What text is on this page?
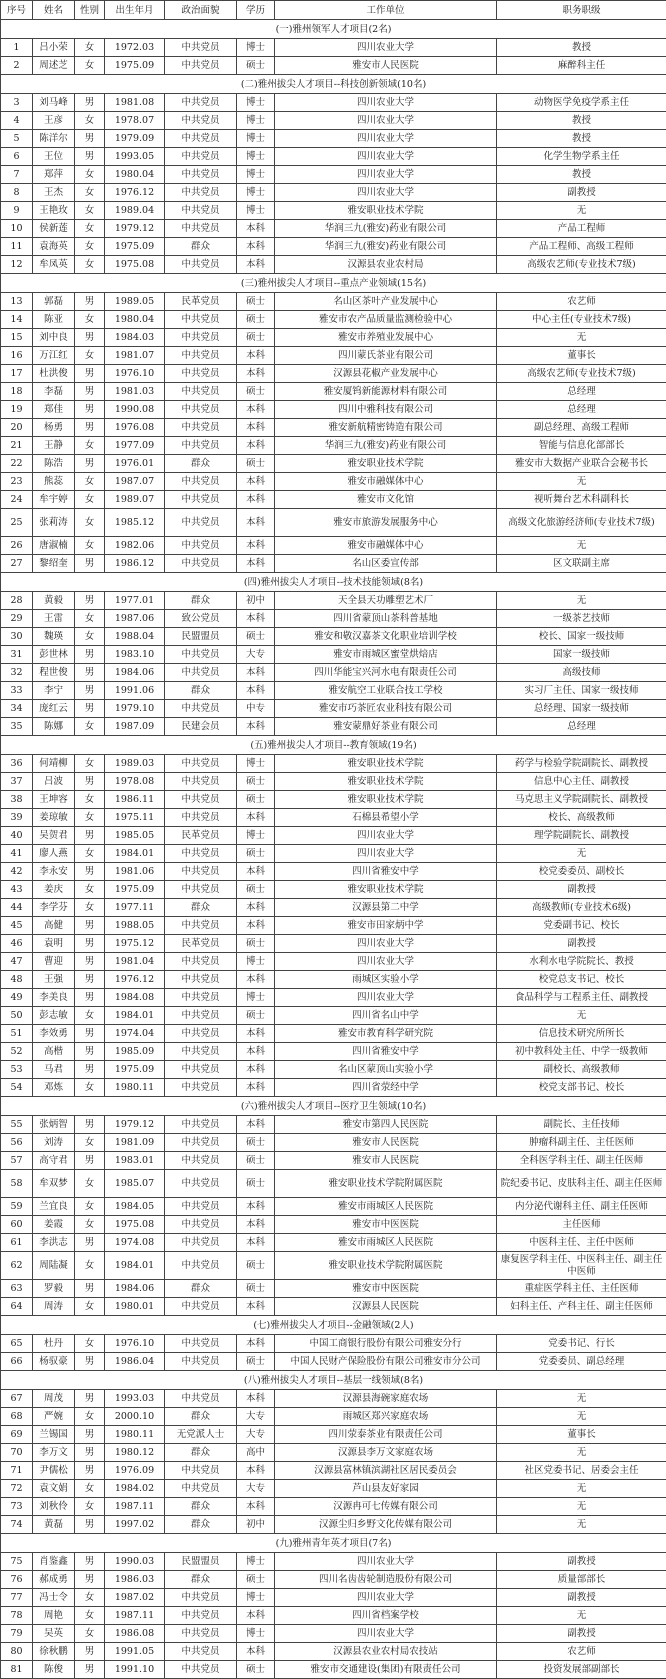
序号	姓名	性别	出生年月	政治面貌	学历	工作单位	职务职级
(一)雅州领军人才项目(2名)							
1	吕小荣	女	1972.03	中共党员	博士	四川农业大学	教授
2	周述芝	女	1975.09	中共党员	硕士	雅安市人民医院	麻醉科主任
(二)雅州拔尖人才项目--科技创新领域(10名)							
3	刘马峰	男	1981.08	中共党员	博士	四川农业大学	动物医学免疫学系主任
4	王彦	女	1978.07	中共党员	博士	四川农业大学	教授
5	陈洋尔	男	1979.09	中共党员	博士	四川农业大学	教授
6	王位	男	1993.05	中共党员	博士	四川农业大学	化学生物学系主任
7	郑萍	女	1980.04	中共党员	博士	四川农业大学	教授
8	王杰	女	1976.12	中共党员	博士	四川农业大学	副教授
9	王艳玫	女	1989.04	中共党员	博士	雅安职业技术学院	无
10	侯新莲	女	1979.12	中共党员	本科	华润三九(雅安)药业有限公司	产品工程师
11	袁海英	女	1975.09	群众	本科	华润三九(雅安)药业有限公司	产品工程师、高级工程师
12	牟凤英	女	1975.08	中共党员	本科	汉源县农业农村局	高级农艺师(专业技术7级)
(三)雅州拔尖人才项目--重点产业领域(15名)							
13	郭磊	男	1989.05	民革党员	硕士	名山区茶叶产业发展中心	农艺师
14	陈亚	女	1980.04	中共党员	硕士	雅安市农产品质量监测检验中心	中心主任(专业技术7级)
15	刘中良	男	1984.03	中共党员	硕士	雅安市养殖业发展中心	无
16	万江红	女	1981.07	中共党员	本科	四川蒙氏茶业有限公司	董事长
17	杜洪俊	男	1976.10	中共党员	本科	汉源县花椒产业发展中心	高级农艺师(专业技术7级)
18	李磊	男	1981.03	中共党员	硕士	雅安厦钨新能源材料有限公司	总经理
19	郑佳	男	1990.08	中共党员	本科	四川中雅科技有限公司	总经理
20	杨勇	男	1976.08	中共党员	本科	雅安新航精密铸造有限公司	副总经理、高级工程师
21	王静	女	1977.09	中共党员	本科	华润三九(雅安)药业有限公司	智能与信息化部部长
22	陈浩	男	1976.01	群众	硕士	雅安职业技术学院	雅安市大数据产业联合会秘书长
23	熊蕊	女	1987.07	中共党员	本科	雅安市融媒体中心	无
24	牟宇婷	女	1989.07	中共党员	本科	雅安市文化馆	视听舞台艺术科副科长
25	张莉涛	女	1985.12	中共党员	本科	雅安市旅游发展服务中心	高级文化旅游经济师(专业技术7级)
26	唐淑楠	女	1982.06	中共党员	本科	雅安市融媒体中心	无
27	黎绍奎	男	1986.12	中共党员	本科	名山区委宣传部	区文联副主席
(四)雅州拔尖人才项目--技术技能领域(8名)							
28	黄毅	男	1977.01	群众	初中	天全县天功雕塑艺术厂	无
29	王雷	女	1987.06	致公党员	本科	四川省蒙顶山茶科普基地	一级茶艺技师
30	魏瑛	女	1988.04	民盟盟员	硕士	雅安和敬汉嘉茶文化职业培训学校	校长、国家一级技师
31	彭世林	男	1983.10	中共党员	大专	雅安市雨城区蜜堂烘焙店	国家一级技师
32	程世俊	男	1984.06	中共党员	本科	四川华能宝兴河水电有限责任公司	高级技师
33	李宁	男	1991.06	群众	本科	雅安航空工业联合技工学校	实习厂主任、国家一级技师
34	庞红云	男	1979.10	中共党员	中专	雅安市巧茶匠农业科技有限公司	总经理、国家一级技师
35	陈娜	女	1987.09	民建会员	本科	雅安蒙鼎好茶业有限公司	总经理
(五)雅州拔尖人才项目--教育领域(19名)							
36	何靖柳	女	1989.03	中共党员	博士	雅安职业技术学院	药学与检验学院副院长、副教授
37	吕波	男	1978.08	中共党员	硕士	雅安职业技术学院	信息中心主任、副教授
38	王坤容	女	1986.11	中共党员	硕士	雅安职业技术学院	马克思主义学院副院长、副教授
39	姜琼敏	女	1975.11	中共党员	本科	石棉县希望小学	校长、高级教师
40	吴贺君	男	1985.05	民革党员	博士	四川农业大学	理学院副院长、副教授
41	廖人燕	女	1984.01	中共党员	硕士	四川农业大学	无
42	李永安	男	1981.06	中共党员	本科	四川省雅安中学	校党委委员、副校长
43	姜庆	女	1975.09	中共党员	硕士	雅安职业技术学院	副教授
44	李学芬	女	1977.11	群众	本科	汉源县第二中学	高级教师(专业技术6级)
45	高健	男	1988.05	中共党员	本科	雅安市田家炳中学	党委副书记、校长
46	袁明	男	1975.12	民革党员	硕士	四川农业大学	副教授
47	曹迎	男	1981.04	中共党员	博士	四川农业大学	水利水电学院院长、教授
48	王强	男	1976.12	中共党员	本科	雨城区实验小学	校党总支书记、校长
49	李美良	男	1984.08	中共党员	博士	四川农业大学	食品科学与工程系主任、副教授
50	彭志敏	女	1984.01	中共党员	硕士	四川省名山中学	无
51	李效勇	男	1974.04	中共党员	本科	雅安市教育科学研究院	信息技术研究所所长
52	高楷	男	1985.09	中共党员	本科	四川省雅安中学	初中教科处主任、中学一级教师
53	马君	男	1975.09	中共党员	本科	名山区蒙顶山实验小学	副校长、高级教师
54	邓炼	女	1980.11	中共党员	本科	四川省荥经中学	校党支部书记、校长
(六)雅州拔尖人才项目--医疗卫生领域(10名)							
55	张炳智	男	1979.12	中共党员	本科	雅安市第四人民医院	副院长、主任技师
56	刘涛	女	1981.09	中共党员	硕士	雅安市人民医院	肿瘤科副主任、主任医师
57	高守君	男	1983.01	中共党员	硕士	雅安市人民医院	全科医学科主任、副主任医师
58	牟双梦	女	1985.07	中共党员	硕士	雅安职业技术学院附属医院	院纪委书记、皮肤科主任、副主任医师
59	兰宜良	女	1984.05	中共党员	本科	雅安市雨城区人民医院	内分泌代谢科主任、副主任医师
60	姜霞	女	1975.08	中共党员	本科	雅安市中医医院	主任医师
61	李洪志	男	1974.08	中共党员	本科	雅安市雨城区人民医院	中医科主任、主任中医师
62	周陆凝	女	1984.01	中共党员	硕士	雅安职业技术学院附属医院	康复医学科主任、中医科主任、副主任中医师
63	罗毅	男	1984.06	群众	硕士	雅安市中医医院	重症医学科主任、主任医师
64	周涛	女	1980.01	中共党员	本科	汉源县人民医院	妇科主任、产科主任、副主任医师
(七)雅州拔尖人才项目--金融领域(2人)							
65	杜丹	女	1976.10	中共党员	本科	中国工商银行股份有限公司雅安分行	党委书记、行长
66	杨驭豪	男	1986.04	中共党员	硕士	中国人民财产保险股份有限公司雅安市分公司	党委委员、副总经理
(八)雅州拔尖人才项目--基层一线领域(8名)							
67	周茂	男	1993.03	中共党员	本科	汉源县海碗家庭农场	无
68	严婉	女	2000.10	群众	大专	雨城区郑兴家庭农场	无
69	兰锡国	男	1980.11	无党派人士	大专	四川荥泰茶业有限责任公司	董事长
70	李万文	男	1980.12	群众	高中	汉源县李万文家庭农场	无
71	尹儒松	男	1976.09	中共党员	本科	汉源县富林镇滨湖社区居民委员会	社区党委书记、居委会主任
72	袁文娟	女	1984.02	中共党员	大专	芦山县友好家园	无
73	刘秋伶	女	1987.11	群众	本科	汉源冉可七传媒有限公司	无
74	黄磊	男	1997.02	群众	初中	汉源尘归乡野文化传媒有限公司	无
(九)雅州青年英才项目(7名)							
75	肖鉴鑫	男	1990.03	民盟盟员	博士	四川农业大学	副教授
76	郝成勇	男	1986.03	群众	硕士	四川名齿齿轮制造股份有限公司	质量部部长
77	冯士令	女	1987.02	中共党员	博士	四川农业大学	副教授
78	周艳	女	1987.11	中共党员	本科	四川省档案学校	无
79	吴英	女	1986.08	中共党员	博士	四川农业大学	副教授
80	徐秋鹏	男	1991.05	中共党员	本科	汉源县农业农村局农技站	农艺师
81	陈俊	男	1991.10	中共党员	硕士	雅安市交通建设(集团)有限责任公司	投资发展部副部长
